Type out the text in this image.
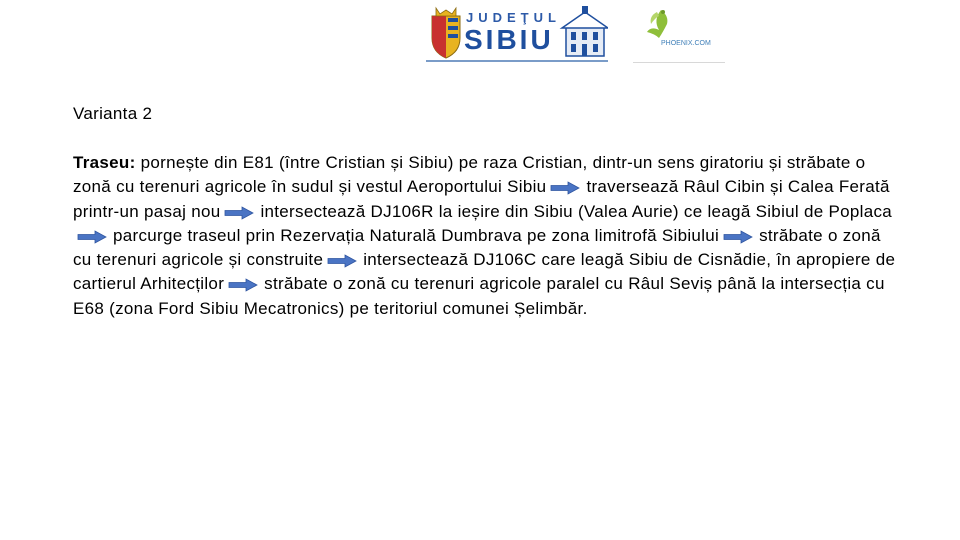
JUDEŢUL
SIBIU	PHOENIX.COM

Varianta 2

Traseu: pornește din E81 (între Cristian și Sibiu) pe raza Cristian, dintr-un sens giratoriu și străbate o zonă cu terenuri agricole în sudul și vestul Aeroportului Sibiu traversează Râul Cibin și Calea Ferată printr-un pasaj nou intersectează DJ106R la ieșire din Sibiu (Valea Aurie) ce leagă Sibiul de Poplacaparcurge traseul prin Rezervația Naturală Dumbrava pe zona limitrofă Sibiului străbate o zonă cu terenuri agricole și construite intersectează DJ106C care leagă Sibiu de Cisnădie, în apropiere de cartierul Arhitecților străbate o zonă cu terenuri agricole paralel cu Râul Seviș până la intersecția cu E68 (zona Ford Sibiu Mecatronics) pe teritoriul comunei Șelimbăr.
